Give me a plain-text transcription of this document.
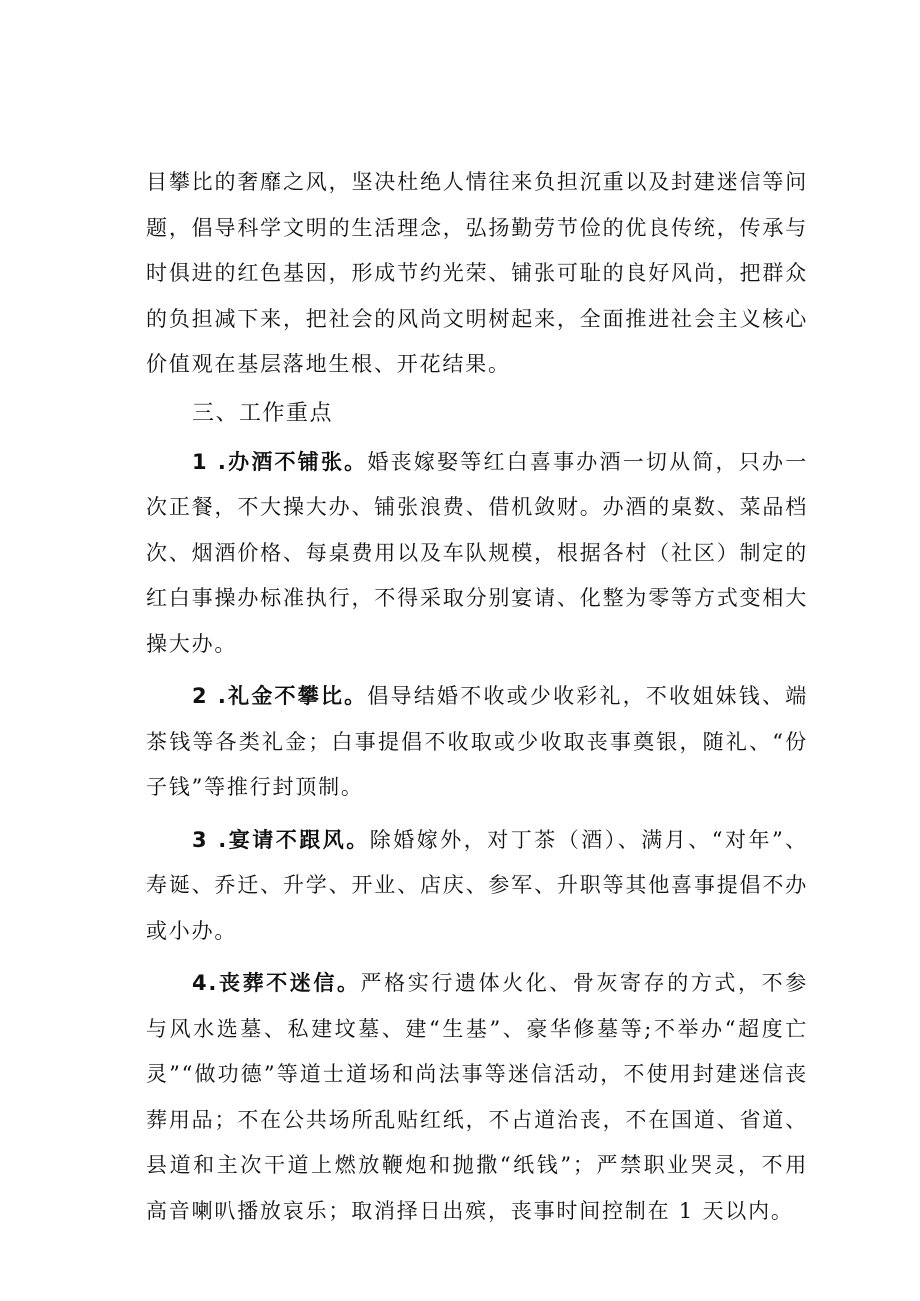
目攀比的奢靡之风，坚决杜绝人情往来负担沉重以及封建迷信等问题，倡导科学文明的生活理念，弘扬勤劳节俭的优良传统，传承与时俱进的红色基因，形成节约光荣、铺张可耻的良好风尚，把群众的负担减下来，把社会的风尚文明树起来，全面推进社会主义核心价值观在基层落地生根、开花结果。

三、工作重点

1 .办酒不铺张。婚丧嫁娶等红白喜事办酒一切从简，只办一次正餐，不大操大办、铺张浪费、借机敛财。办酒的桌数、菜品档次、烟酒价格、每桌费用以及车队规模，根据各村（社区）制定的红白事操办标准执行，不得采取分别宴请、化整为零等方式变相大操大办。

2 .礼金不攀比。倡导结婚不收或少收彩礼，不收姐妹钱、端茶钱等各类礼金；白事提倡不收取或少收取丧事奠银，随礼、“份子钱”等推行封顶制。

3 .宴请不跟风。除婚嫁外，对丁茶（酒）、满月、“对年”、寿诞、乔迁、升学、开业、店庆、参军、升职等其他喜事提倡不办或小办。

4.丧葬不迷信。严格实行遗体火化、骨灰寄存的方式，不参与风水选墓、私建坟墓、建“生基”、豪华修墓等;不举办“超度亡灵”“做功德”等道士道场和尚法事等迷信活动，不使用封建迷信丧葬用品；不在公共场所乱贴红纸，不占道治丧，不在国道、省道、县道和主次干道上燃放鞭炮和抛撒“纸钱”；严禁职业哭灵，不用高音喇叭播放哀乐；取消择日出殡，丧事时间控制在 1 天以内。
